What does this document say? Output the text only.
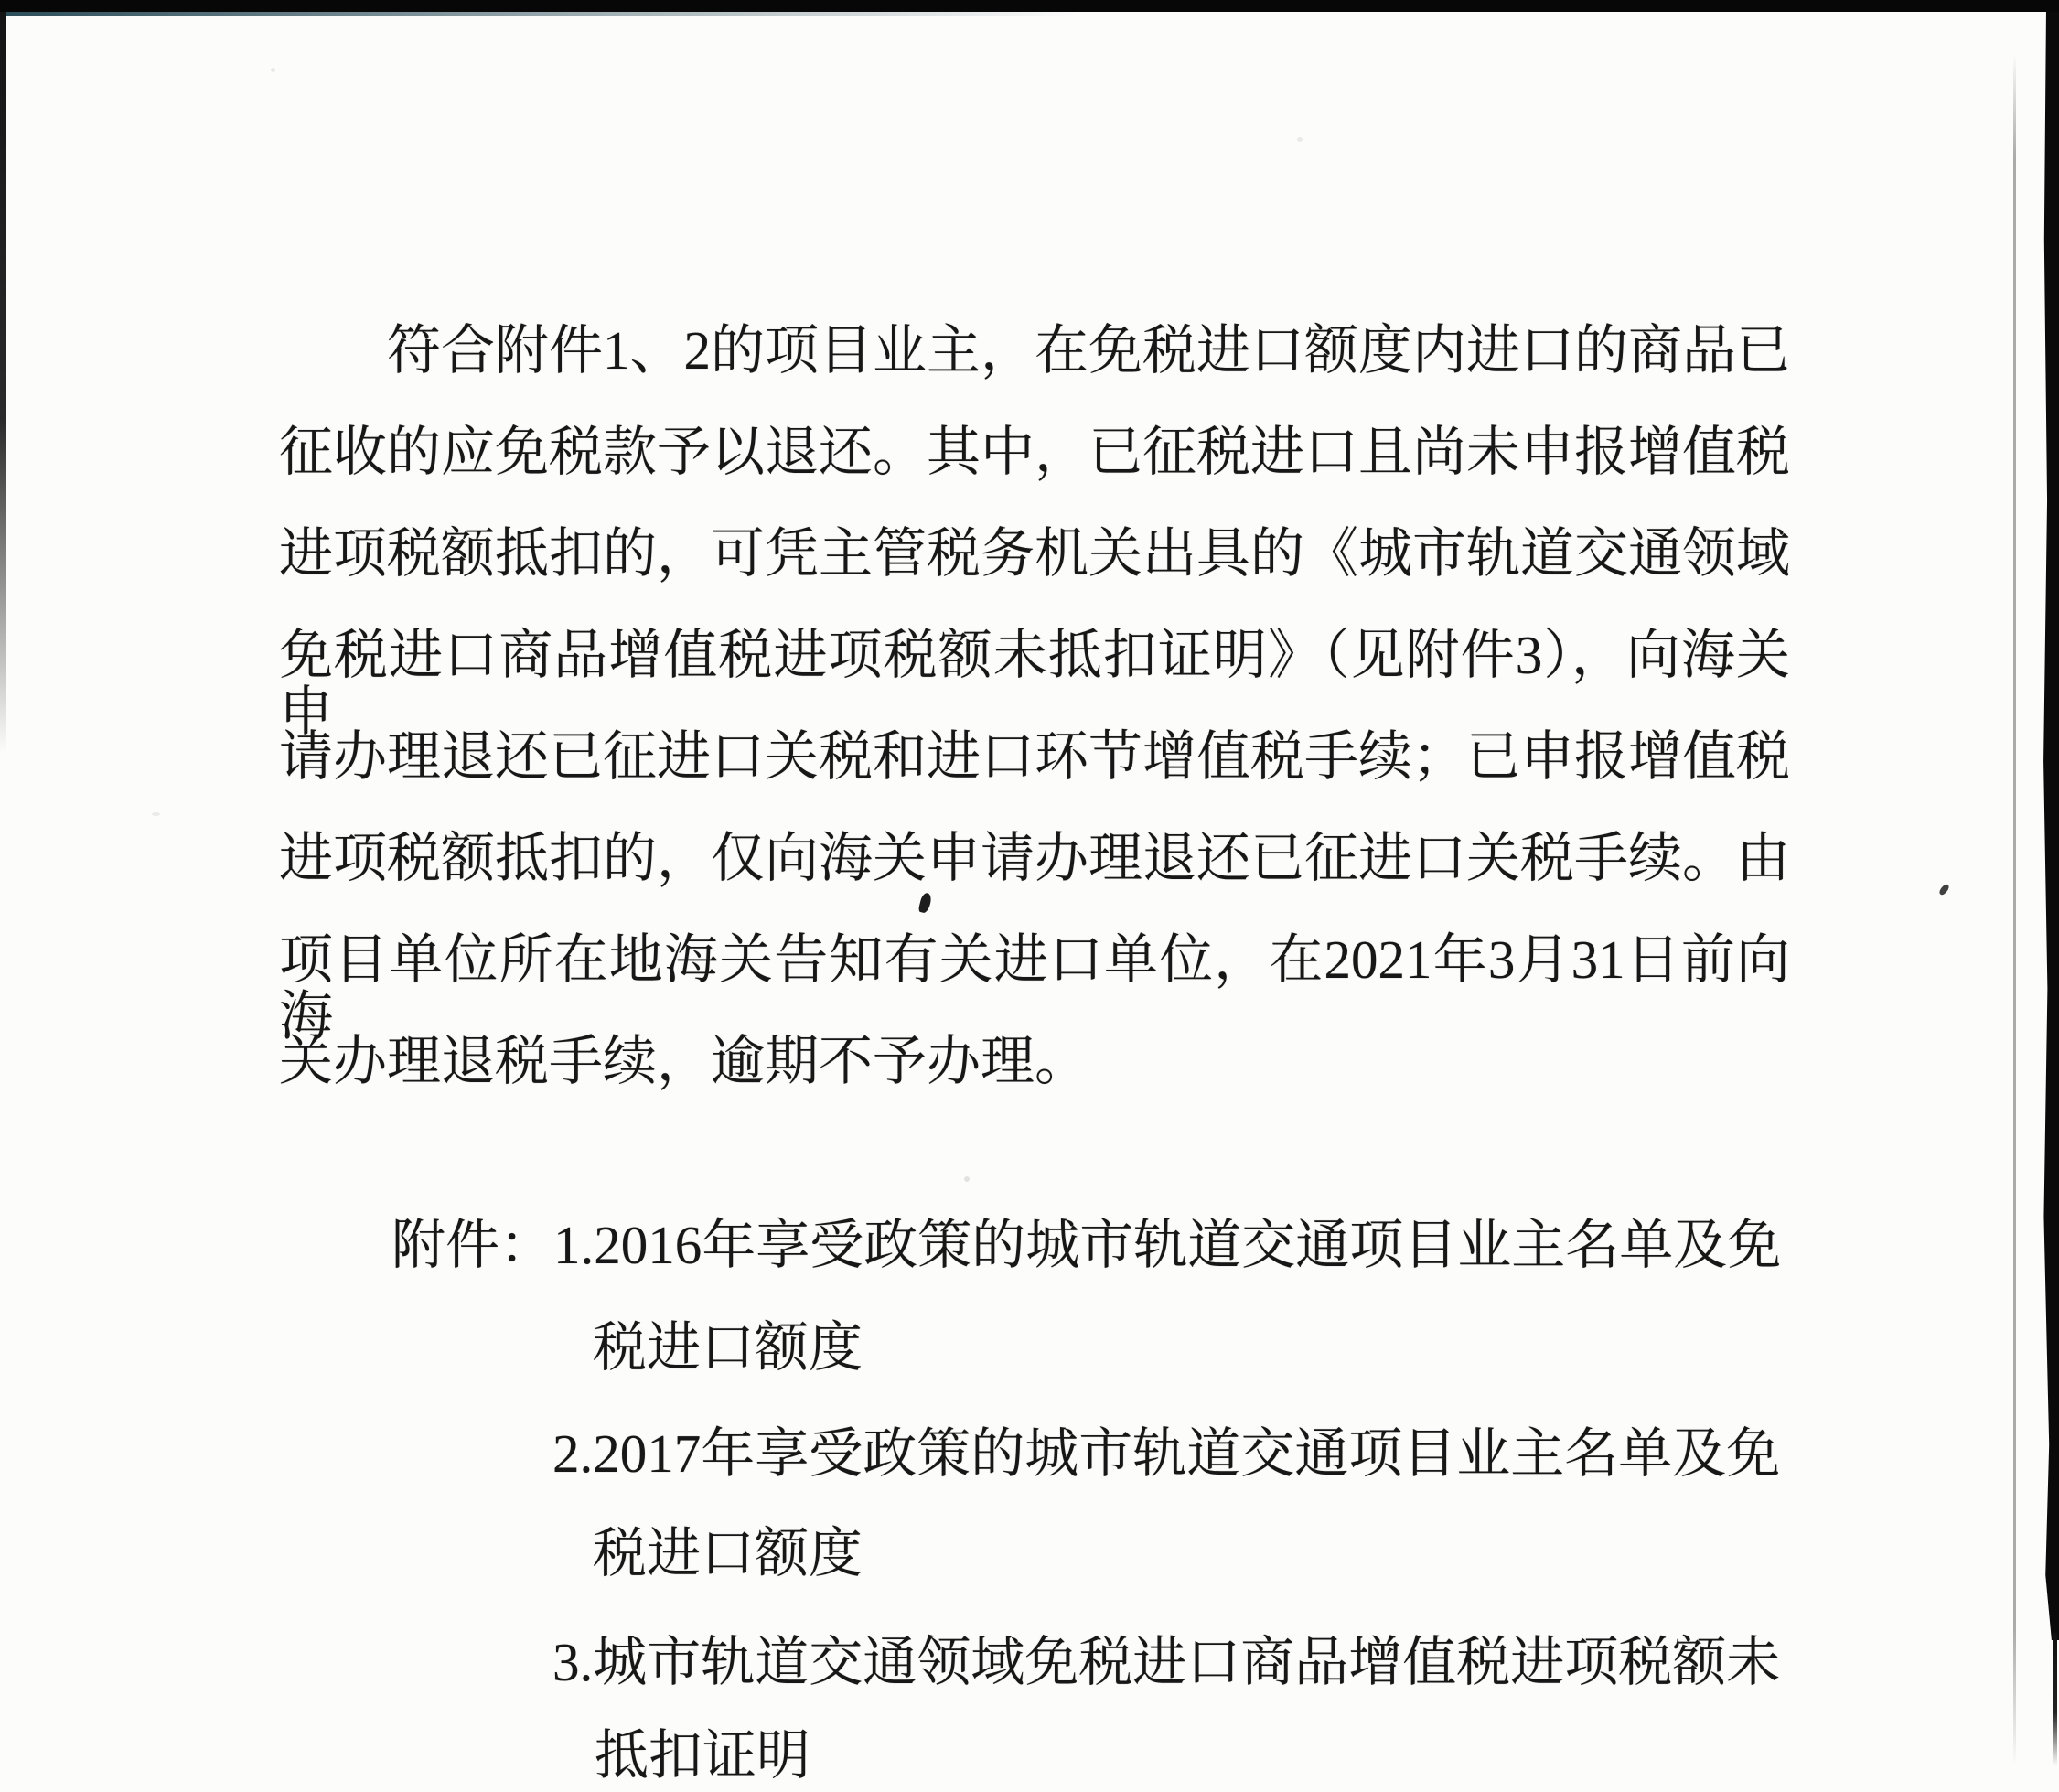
符合附件1、2的项目业主，在免税进口额度内进口的商品已
征收的应免税款予以退还。其中，已征税进口且尚未申报增值税
进项税额抵扣的，可凭主管税务机关出具的《城市轨道交通领域
免税进口商品增值税进项税额未抵扣证明》（见附件3），向海关申
请办理退还已征进口关税和进口环节增值税手续；已申报增值税
进项税额抵扣的，仅向海关申请办理退还已征进口关税手续。由
项目单位所在地海关告知有关进口单位，在2021年3月31日前向海
关办理退税手续，逾期不予办理。
附件：1.2016年享受政策的城市轨道交通项目业主名单及免
税进口额度
2.2017年享受政策的城市轨道交通项目业主名单及免
税进口额度
3.城市轨道交通领域免税进口商品增值税进项税额未
抵扣证明
